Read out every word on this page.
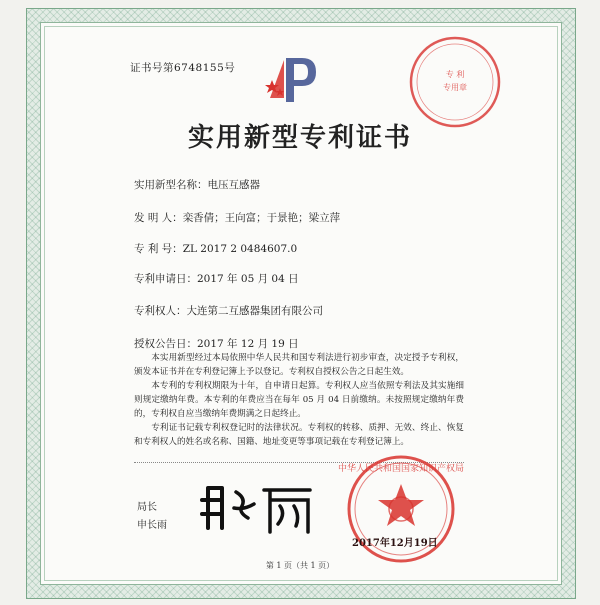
证书号第6748155号
专 利
专用章
实用新型专利证书
实用新型名称：电压互感器
发 明 人：栾香倩；王向富；于景艳；梁立萍
专 利 号：ZL 2017 2 0484607.0
专利申请日：2017 年 05 月 04 日
专利权人：大连第二互感器集团有限公司
授权公告日：2017 年 12 月 19 日

本实用新型经过本局依照中华人民共和国专利法进行初步审查，决定授予专利权，颁发本证书并在专利登记簿上予以登记。专利权自授权公告之日起生效。

本专利的专利权期限为十年，自申请日起算。专利权人应当依照专利法及其实施细则规定缴纳年费。本专利的年费应当在每年 05 月 04 日前缴纳。未按照规定缴纳年费的，专利权自应当缴纳年费期满之日起终止。

专利证书记载专利权登记时的法律状况。专利权的转移、质押、无效、终止、恢复和专利权人的姓名或名称、国籍、地址变更等事项记载在专利登记簿上。

局长
申长雨
中华人民共和国国家知识产权局
2017年12月19日
第 1 页（共 1 页）
